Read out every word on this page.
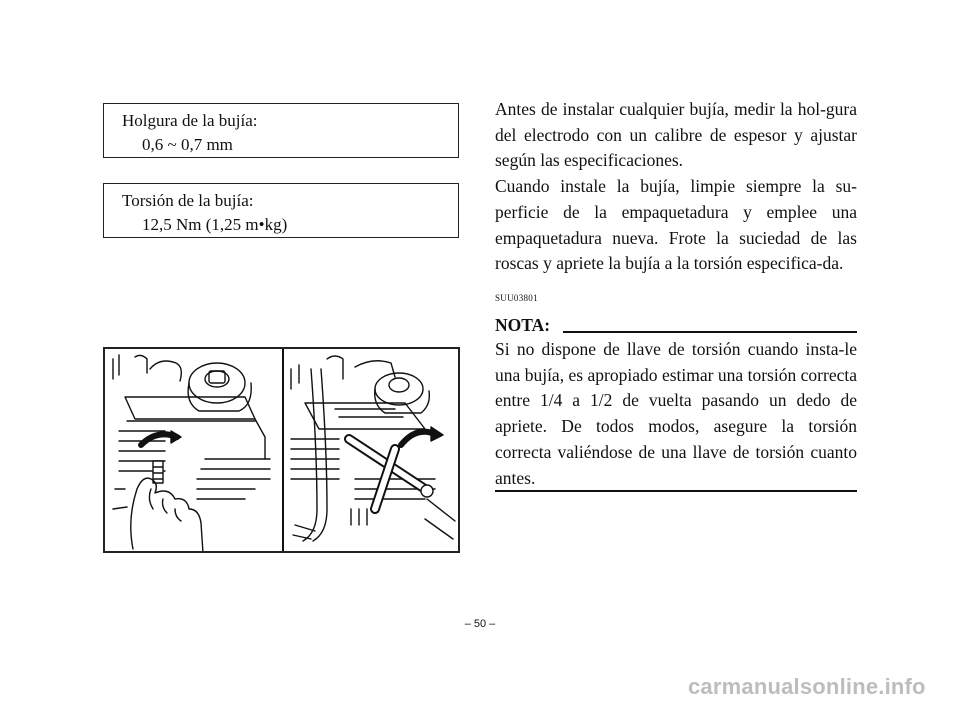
Holgura de la bujía:
0,6 ~ 0,7 mm
Torsión de la bujía:
12,5 Nm (1,25 m•kg)

Antes de instalar cualquier bujía, medir la hol-gura del electrodo con un calibre de espesor y ajustar según las especificaciones.

Cuando instale la bujía, limpie siempre la su-perficie de la empaquetadura y emplee una empaquetadura nueva. Frote la suciedad de las roscas y apriete la bujía a la torsión especifica-da.

SUU03801
NOTA:

Si no dispone de llave de torsión cuando insta-le una bujía, es apropiado estimar una torsión correcta entre 1/4 a 1/2 de vuelta pasando un dedo de apriete. De todos modos, asegure la torsión correcta valiéndose de una llave de torsión cuanto antes.

– 50 –
carmanualsonline.info
